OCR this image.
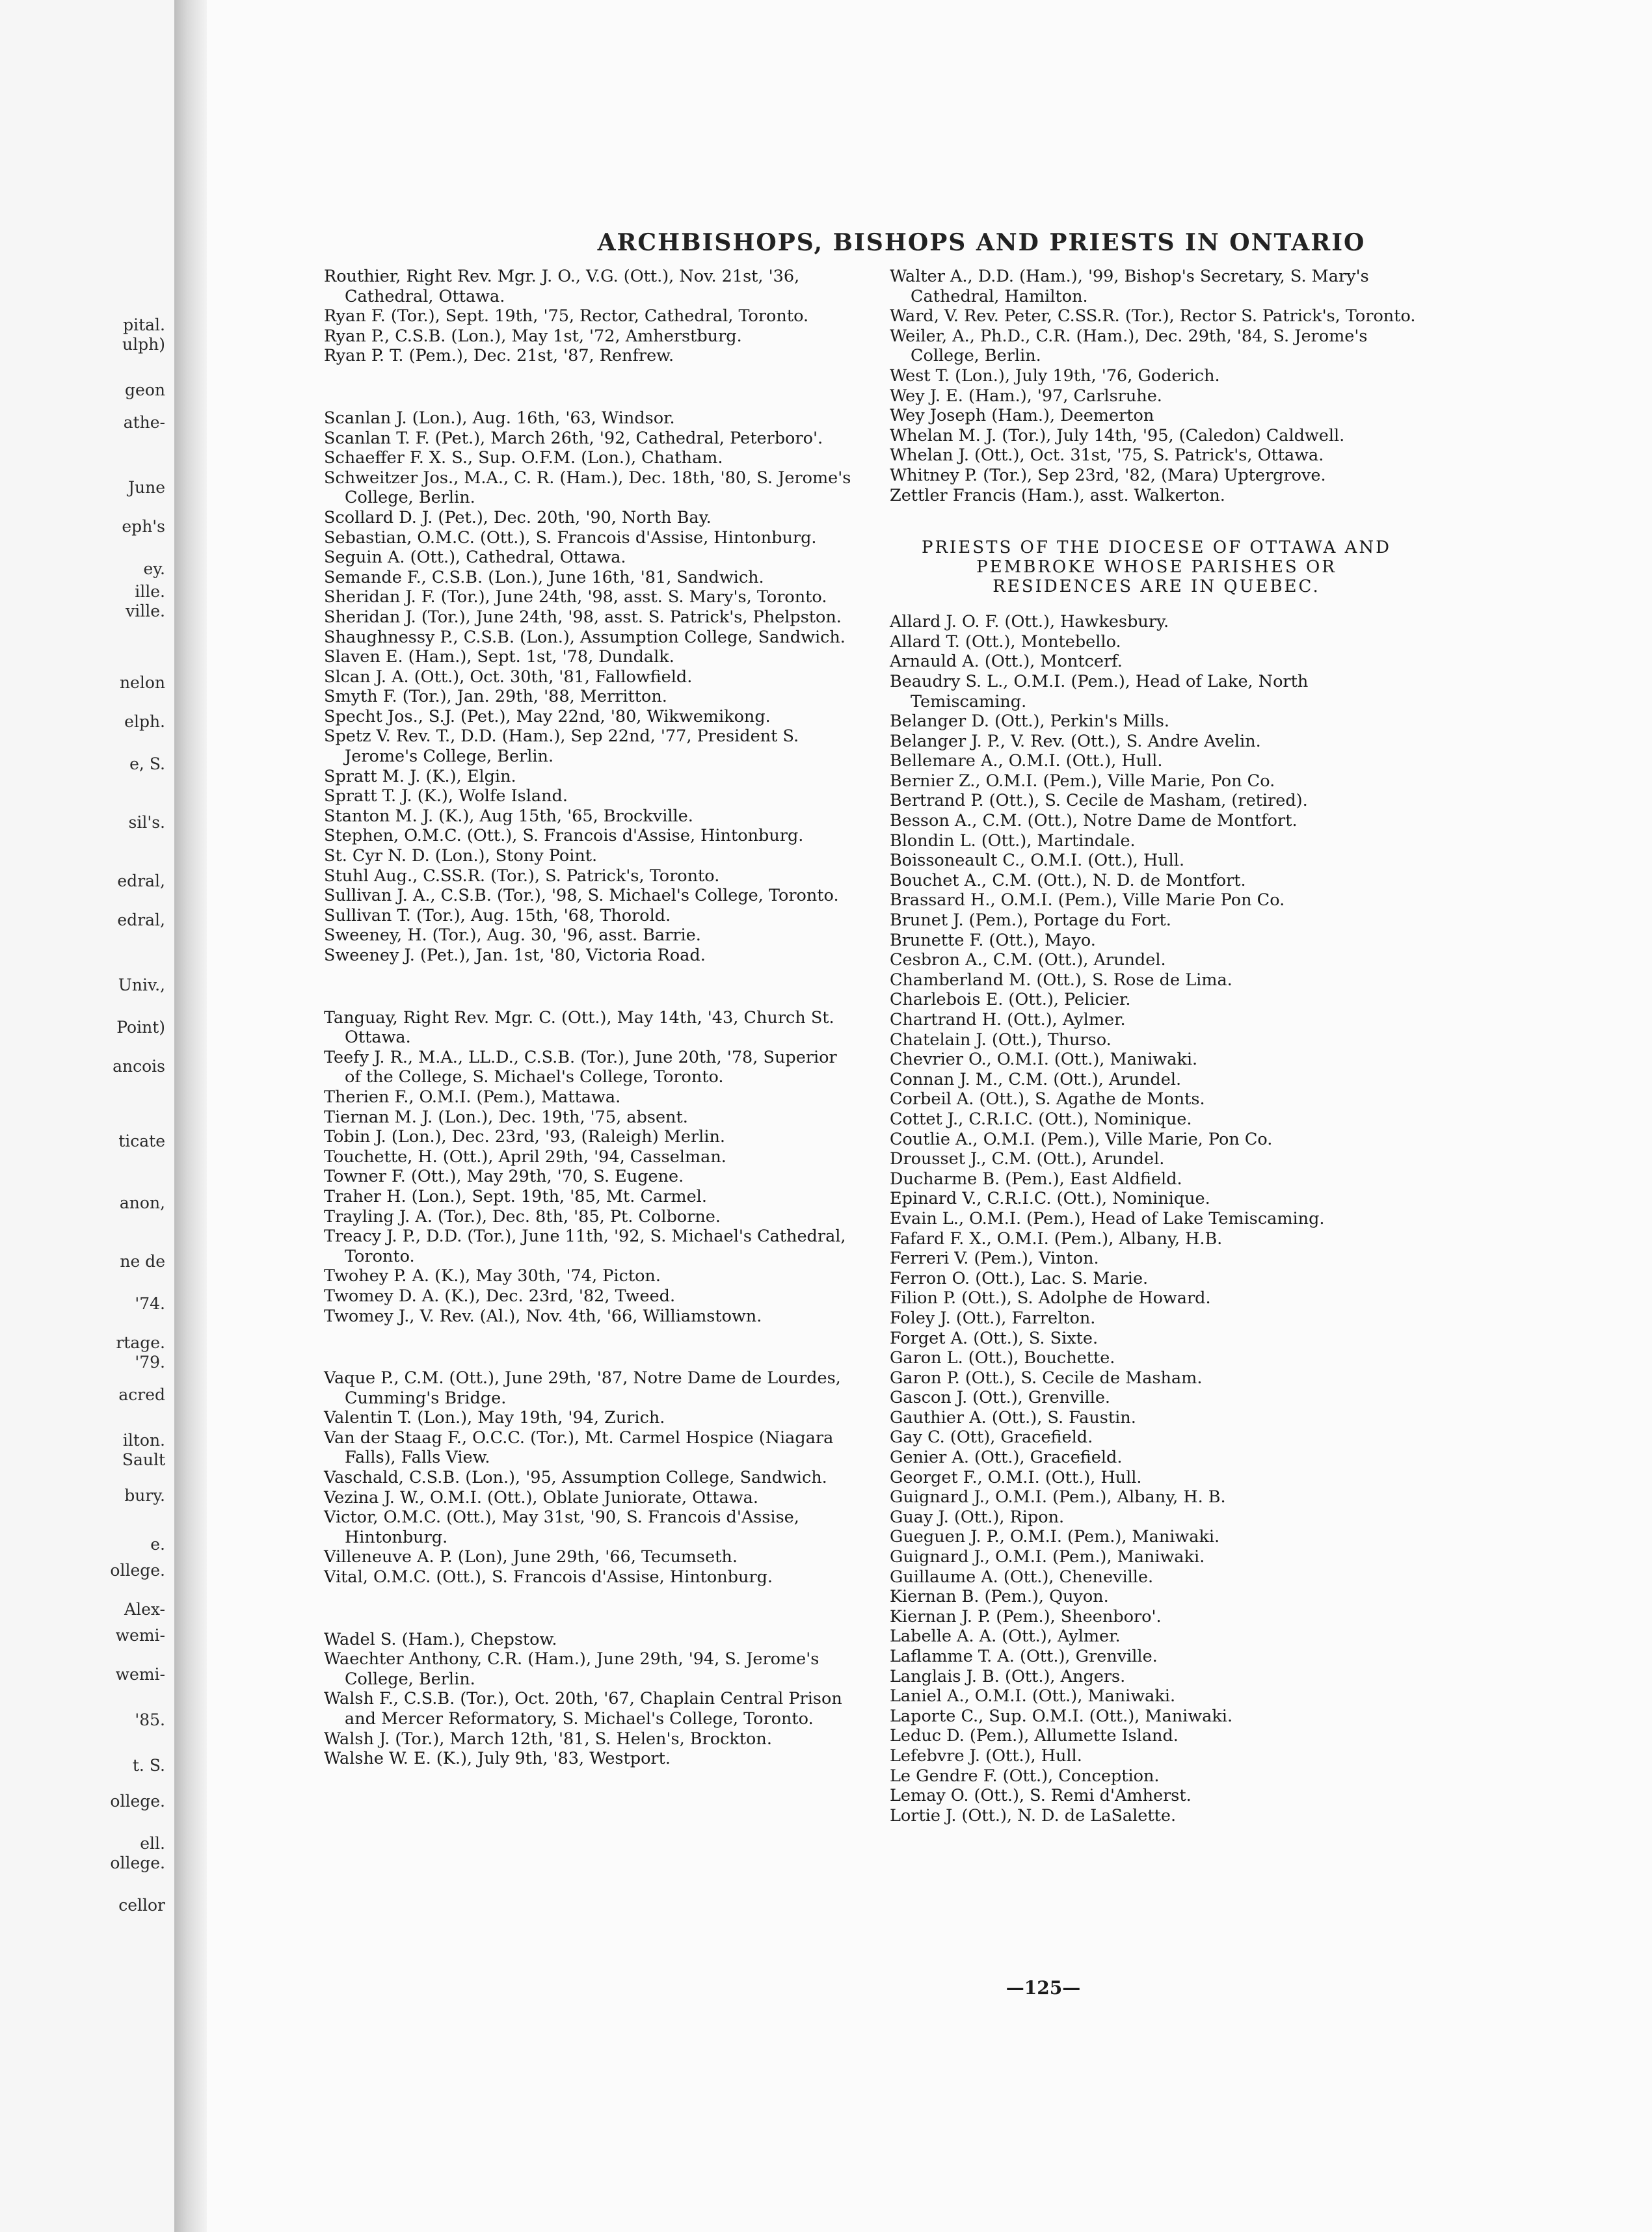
ulph)
pital.
geon
athe-
June
eph's
ey.
ille.
ville.
nelon
elph.
e, S.
sil's.
edral,
edral,
Univ.,
Point)
ancois
ticate
anon,
ne de
'74.
rtage.
'79.
acred
ilton.
Sault
bury.
e.
ollege.
Alex-
wemi-
wemi-
'85.
t. S.
ollege.
ell.
ollege.
cellor
ARCHBISHOPS, BISHOPS AND PRIESTS IN ONTARIO

Routhier, Right Rev. Mgr. J. O., V.G. (Ott.), Nov. 21st, '36, Cathedral, Ottawa.

Ryan F. (Tor.), Sept. 19th, '75, Rector, Cathedral, Toronto.

Ryan P., C.S.B. (Lon.), May 1st, '72, Amherstburg.

Ryan P. T. (Pem.), Dec. 21st, '87, Renfrew.

Scanlan J. (Lon.), Aug. 16th, '63, Windsor.

Scanlan T. F. (Pet.), March 26th, '92, Cathedral, Peterboro'.

Schaeffer F. X. S., Sup. O.F.M. (Lon.), Chatham.

Schweitzer Jos., M.A., C. R. (Ham.), Dec. 18th, '80, S. Jerome's College, Berlin.

Scollard D. J. (Pet.), Dec. 20th, '90, North Bay.

Sebastian, O.M.C. (Ott.), S. Francois d'Assise, Hintonburg.

Seguin A. (Ott.), Cathedral, Ottawa.

Semande F., C.S.B. (Lon.), June 16th, '81, Sandwich.

Sheridan J. F. (Tor.), June 24th, '98, asst. S. Mary's, Toronto.

Sheridan J. (Tor.), June 24th, '98, asst. S. Patrick's, Phelpston.

Shaughnessy P., C.S.B. (Lon.), Assumption College, Sandwich.

Slaven E. (Ham.), Sept. 1st, '78, Dundalk.

Slcan J. A. (Ott.), Oct. 30th, '81, Fallowfield.

Smyth F. (Tor.), Jan. 29th, '88, Merritton.

Specht Jos., S.J. (Pet.), May 22nd, '80, Wikwemikong.

Spetz V. Rev. T., D.D. (Ham.), Sep 22nd, '77, President S. Jerome's College, Berlin.

Spratt M. J. (K.), Elgin.

Spratt T. J. (K.), Wolfe Island.

Stanton M. J. (K.), Aug 15th, '65, Brockville.

Stephen, O.M.C. (Ott.), S. Francois d'Assise, Hintonburg.

St. Cyr N. D. (Lon.), Stony Point.

Stuhl Aug., C.SS.R. (Tor.), S. Patrick's, Toronto.

Sullivan J. A., C.S.B. (Tor.), '98, S. Michael's College, Toronto.

Sullivan T. (Tor.), Aug. 15th, '68, Thorold.

Sweeney, H. (Tor.), Aug. 30, '96, asst. Barrie.

Sweeney J. (Pet.), Jan. 1st, '80, Victoria Road.

Tanguay, Right Rev. Mgr. C. (Ott.), May 14th, '43, Church St. Ottawa.

Teefy J. R., M.A., LL.D., C.S.B. (Tor.), June 20th, '78, Superior of the College, S. Michael's College, Toronto.

Therien F., O.M.I. (Pem.), Mattawa.

Tiernan M. J. (Lon.), Dec. 19th, '75, absent.

Tobin J. (Lon.), Dec. 23rd, '93, (Raleigh) Merlin.

Touchette, H. (Ott.), April 29th, '94, Casselman.

Towner F. (Ott.), May 29th, '70, S. Eugene.

Traher H. (Lon.), Sept. 19th, '85, Mt. Carmel.

Trayling J. A. (Tor.), Dec. 8th, '85, Pt. Colborne.

Treacy J. P., D.D. (Tor.), June 11th, '92, S. Michael's Cathedral, Toronto.

Twohey P. A. (K.), May 30th, '74, Picton.

Twomey D. A. (K.), Dec. 23rd, '82, Tweed.

Twomey J., V. Rev. (Al.), Nov. 4th, '66, Williamstown.

Vaque P., C.M. (Ott.), June 29th, '87, Notre Dame de Lourdes, Cumming's Bridge.

Valentin T. (Lon.), May 19th, '94, Zurich.

Van der Staag F., O.C.C. (Tor.), Mt. Carmel Hospice (Niagara Falls), Falls View.

Vaschald, C.S.B. (Lon.), '95, Assumption College, Sandwich.

Vezina J. W., O.M.I. (Ott.), Oblate Juniorate, Ottawa.

Victor, O.M.C. (Ott.), May 31st, '90, S. Francois d'Assise, Hintonburg.

Villeneuve A. P. (Lon), June 29th, '66, Tecumseth.

Vital, O.M.C. (Ott.), S. Francois d'Assise, Hintonburg.

Wadel S. (Ham.), Chepstow.

Waechter Anthony, C.R. (Ham.), June 29th, '94, S. Jerome's College, Berlin.

Walsh F., C.S.B. (Tor.), Oct. 20th, '67, Chaplain Central Prison and Mercer Reformatory, S. Michael's College, Toronto.

Walsh J. (Tor.), March 12th, '81, S. Helen's, Brockton.

Walshe W. E. (K.), July 9th, '83, Westport.

Walter A., D.D. (Ham.), '99, Bishop's Secretary, S. Mary's Cathedral, Hamilton.

Ward, V. Rev. Peter, C.SS.R. (Tor.), Rector S. Patrick's, Toronto.

Weiler, A., Ph.D., C.R. (Ham.), Dec. 29th, '84, S. Jerome's College, Berlin.

West T. (Lon.), July 19th, '76, Goderich.

Wey J. E. (Ham.), '97, Carlsruhe.

Wey Joseph (Ham.), Deemerton

Whelan M. J. (Tor.), July 14th, '95, (Caledon) Caldwell.

Whelan J. (Ott.), Oct. 31st, '75, S. Patrick's, Ottawa.

Whitney P. (Tor.), Sep 23rd, '82, (Mara) Uptergrove.

Zettler Francis (Ham.), asst. Walkerton.

PRIESTS OF THE DIOCESE OF OTTAWA AND PEMBROKE WHOSE PARISHES OR RESIDENCES ARE IN QUEBEC.

Allard J. O. F. (Ott.), Hawkesbury.

Allard T. (Ott.), Montebello.

Arnauld A. (Ott.), Montcerf.

Beaudry S. L., O.M.I. (Pem.), Head of Lake, North Temiscaming.

Belanger D. (Ott.), Perkin's Mills.

Belanger J. P., V. Rev. (Ott.), S. Andre Avelin.

Bellemare A., O.M.I. (Ott.), Hull.

Bernier Z., O.M.I. (Pem.), Ville Marie, Pon Co.

Bertrand P. (Ott.), S. Cecile de Masham, (retired).

Besson A., C.M. (Ott.), Notre Dame de Montfort.

Blondin L. (Ott.), Martindale.

Boissoneault C., O.M.I. (Ott.), Hull.

Bouchet A., C.M. (Ott.), N. D. de Montfort.

Brassard H., O.M.I. (Pem.), Ville Marie Pon Co.

Brunet J. (Pem.), Portage du Fort.

Brunette F. (Ott.), Mayo.

Cesbron A., C.M. (Ott.), Arundel.

Chamberland M. (Ott.), S. Rose de Lima.

Charlebois E. (Ott.), Pelicier.

Chartrand H. (Ott.), Aylmer.

Chatelain J. (Ott.), Thurso.

Chevrier O., O.M.I. (Ott.), Maniwaki.

Connan J. M., C.M. (Ott.), Arundel.

Corbeil A. (Ott.), S. Agathe de Monts.

Cottet J., C.R.I.C. (Ott.), Nominique.

Coutlie A., O.M.I. (Pem.), Ville Marie, Pon Co.

Drousset J., C.M. (Ott.), Arundel.

Ducharme B. (Pem.), East Aldfield.

Epinard V., C.R.I.C. (Ott.), Nominique.

Evain L., O.M.I. (Pem.), Head of Lake Temiscaming.

Fafard F. X., O.M.I. (Pem.), Albany, H.B.

Ferreri V. (Pem.), Vinton.

Ferron O. (Ott.), Lac. S. Marie.

Filion P. (Ott.), S. Adolphe de Howard.

Foley J. (Ott.), Farrelton.

Forget A. (Ott.), S. Sixte.

Garon L. (Ott.), Bouchette.

Garon P. (Ott.), S. Cecile de Masham.

Gascon J. (Ott.), Grenville.

Gauthier A. (Ott.), S. Faustin.

Gay C. (Ott), Gracefield.

Genier A. (Ott.), Gracefield.

Georget F., O.M.I. (Ott.), Hull.

Guignard J., O.M.I. (Pem.), Albany, H. B.

Guay J. (Ott.), Ripon.

Gueguen J. P., O.M.I. (Pem.), Maniwaki.

Guignard J., O.M.I. (Pem.), Maniwaki.

Guillaume A. (Ott.), Cheneville.

Kiernan B. (Pem.), Quyon.

Kiernan J. P. (Pem.), Sheenboro'.

Labelle A. A. (Ott.), Aylmer.

Laflamme T. A. (Ott.), Grenville.

Langlais J. B. (Ott.), Angers.

Laniel A., O.M.I. (Ott.), Maniwaki.

Laporte C., Sup. O.M.I. (Ott.), Maniwaki.

Leduc D. (Pem.), Allumette Island.

Lefebvre J. (Ott.), Hull.

Le Gendre F. (Ott.), Conception.

Lemay O. (Ott.), S. Remi d'Amherst.

Lortie J. (Ott.), N. D. de LaSalette.

—125—
